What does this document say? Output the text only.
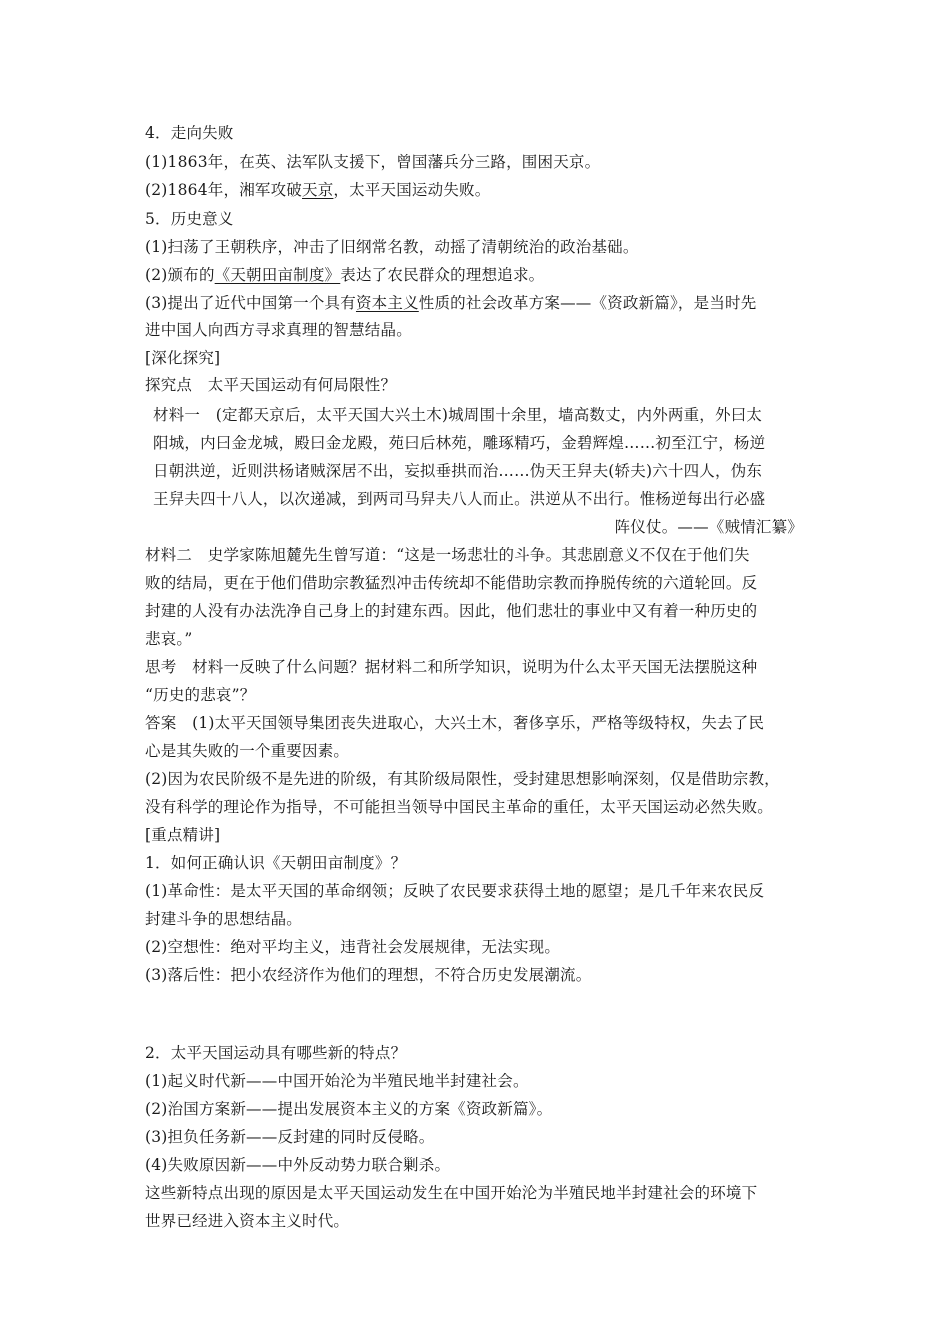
4．走向失败
(1)1863年，在英、法军队支援下，曾国藩兵分三路，围困天京。
(2)1864年，湘军攻破天京，太平天国运动失败。
5．历史意义
(1)扫荡了王朝秩序，冲击了旧纲常名教，动摇了清朝统治的政治基础。
(2)颁布的《天朝田亩制度》表达了农民群众的理想追求。
(3)提出了近代中国第一个具有资本主义性质的社会改革方案——《资政新篇》，是当时先
进中国人向西方寻求真理的智慧结晶。
[深化探究]
探究点　太平天国运动有何局限性？
材料一　(定都天京后，太平天国大兴土木)城周围十余里，墙高数丈，内外两重，外曰太
阳城，内曰金龙城，殿曰金龙殿，苑曰后林苑，雕琢精巧，金碧辉煌……初至江宁，杨逆
日朝洪逆，近则洪杨诸贼深居不出，妄拟垂拱而治……伪天王舁夫(轿夫)六十四人，伪东
王舁夫四十八人，以次递减，到两司马舁夫八人而止。洪逆从不出行。惟杨逆每出行必盛
阵仪仗。——《贼情汇纂》
材料二　史学家陈旭麓先生曾写道：“这是一场悲壮的斗争。其悲剧意义不仅在于他们失
败的结局，更在于他们借助宗教猛烈冲击传统却不能借助宗教而挣脱传统的六道轮回。反
封建的人没有办法洗净自己身上的封建东西。因此，他们悲壮的事业中又有着一种历史的
悲哀。”
思考　材料一反映了什么问题？据材料二和所学知识，说明为什么太平天国无法摆脱这种
“历史的悲哀”？
答案　(1)太平天国领导集团丧失进取心，大兴土木，奢侈享乐，严格等级特权，失去了民
心是其失败的一个重要因素。
(2)因为农民阶级不是先进的阶级，有其阶级局限性，受封建思想影响深刻，仅是借助宗教，
没有科学的理论作为指导，不可能担当领导中国民主革命的重任，太平天国运动必然失败。
[重点精讲]
1．如何正确认识《天朝田亩制度》？
(1)革命性：是太平天国的革命纲领；反映了农民要求获得土地的愿望；是几千年来农民反
封建斗争的思想结晶。
(2)空想性：绝对平均主义，违背社会发展规律，无法实现。
(3)落后性：把小农经济作为他们的理想，不符合历史发展潮流。
2．太平天国运动具有哪些新的特点？
(1)起义时代新——中国开始沦为半殖民地半封建社会。
(2)治国方案新——提出发展资本主义的方案《资政新篇》。
(3)担负任务新——反封建的同时反侵略。
(4)失败原因新——中外反动势力联合剿杀。
这些新特点出现的原因是太平天国运动发生在中国开始沦为半殖民地半封建社会的环境下
世界已经进入资本主义时代。
